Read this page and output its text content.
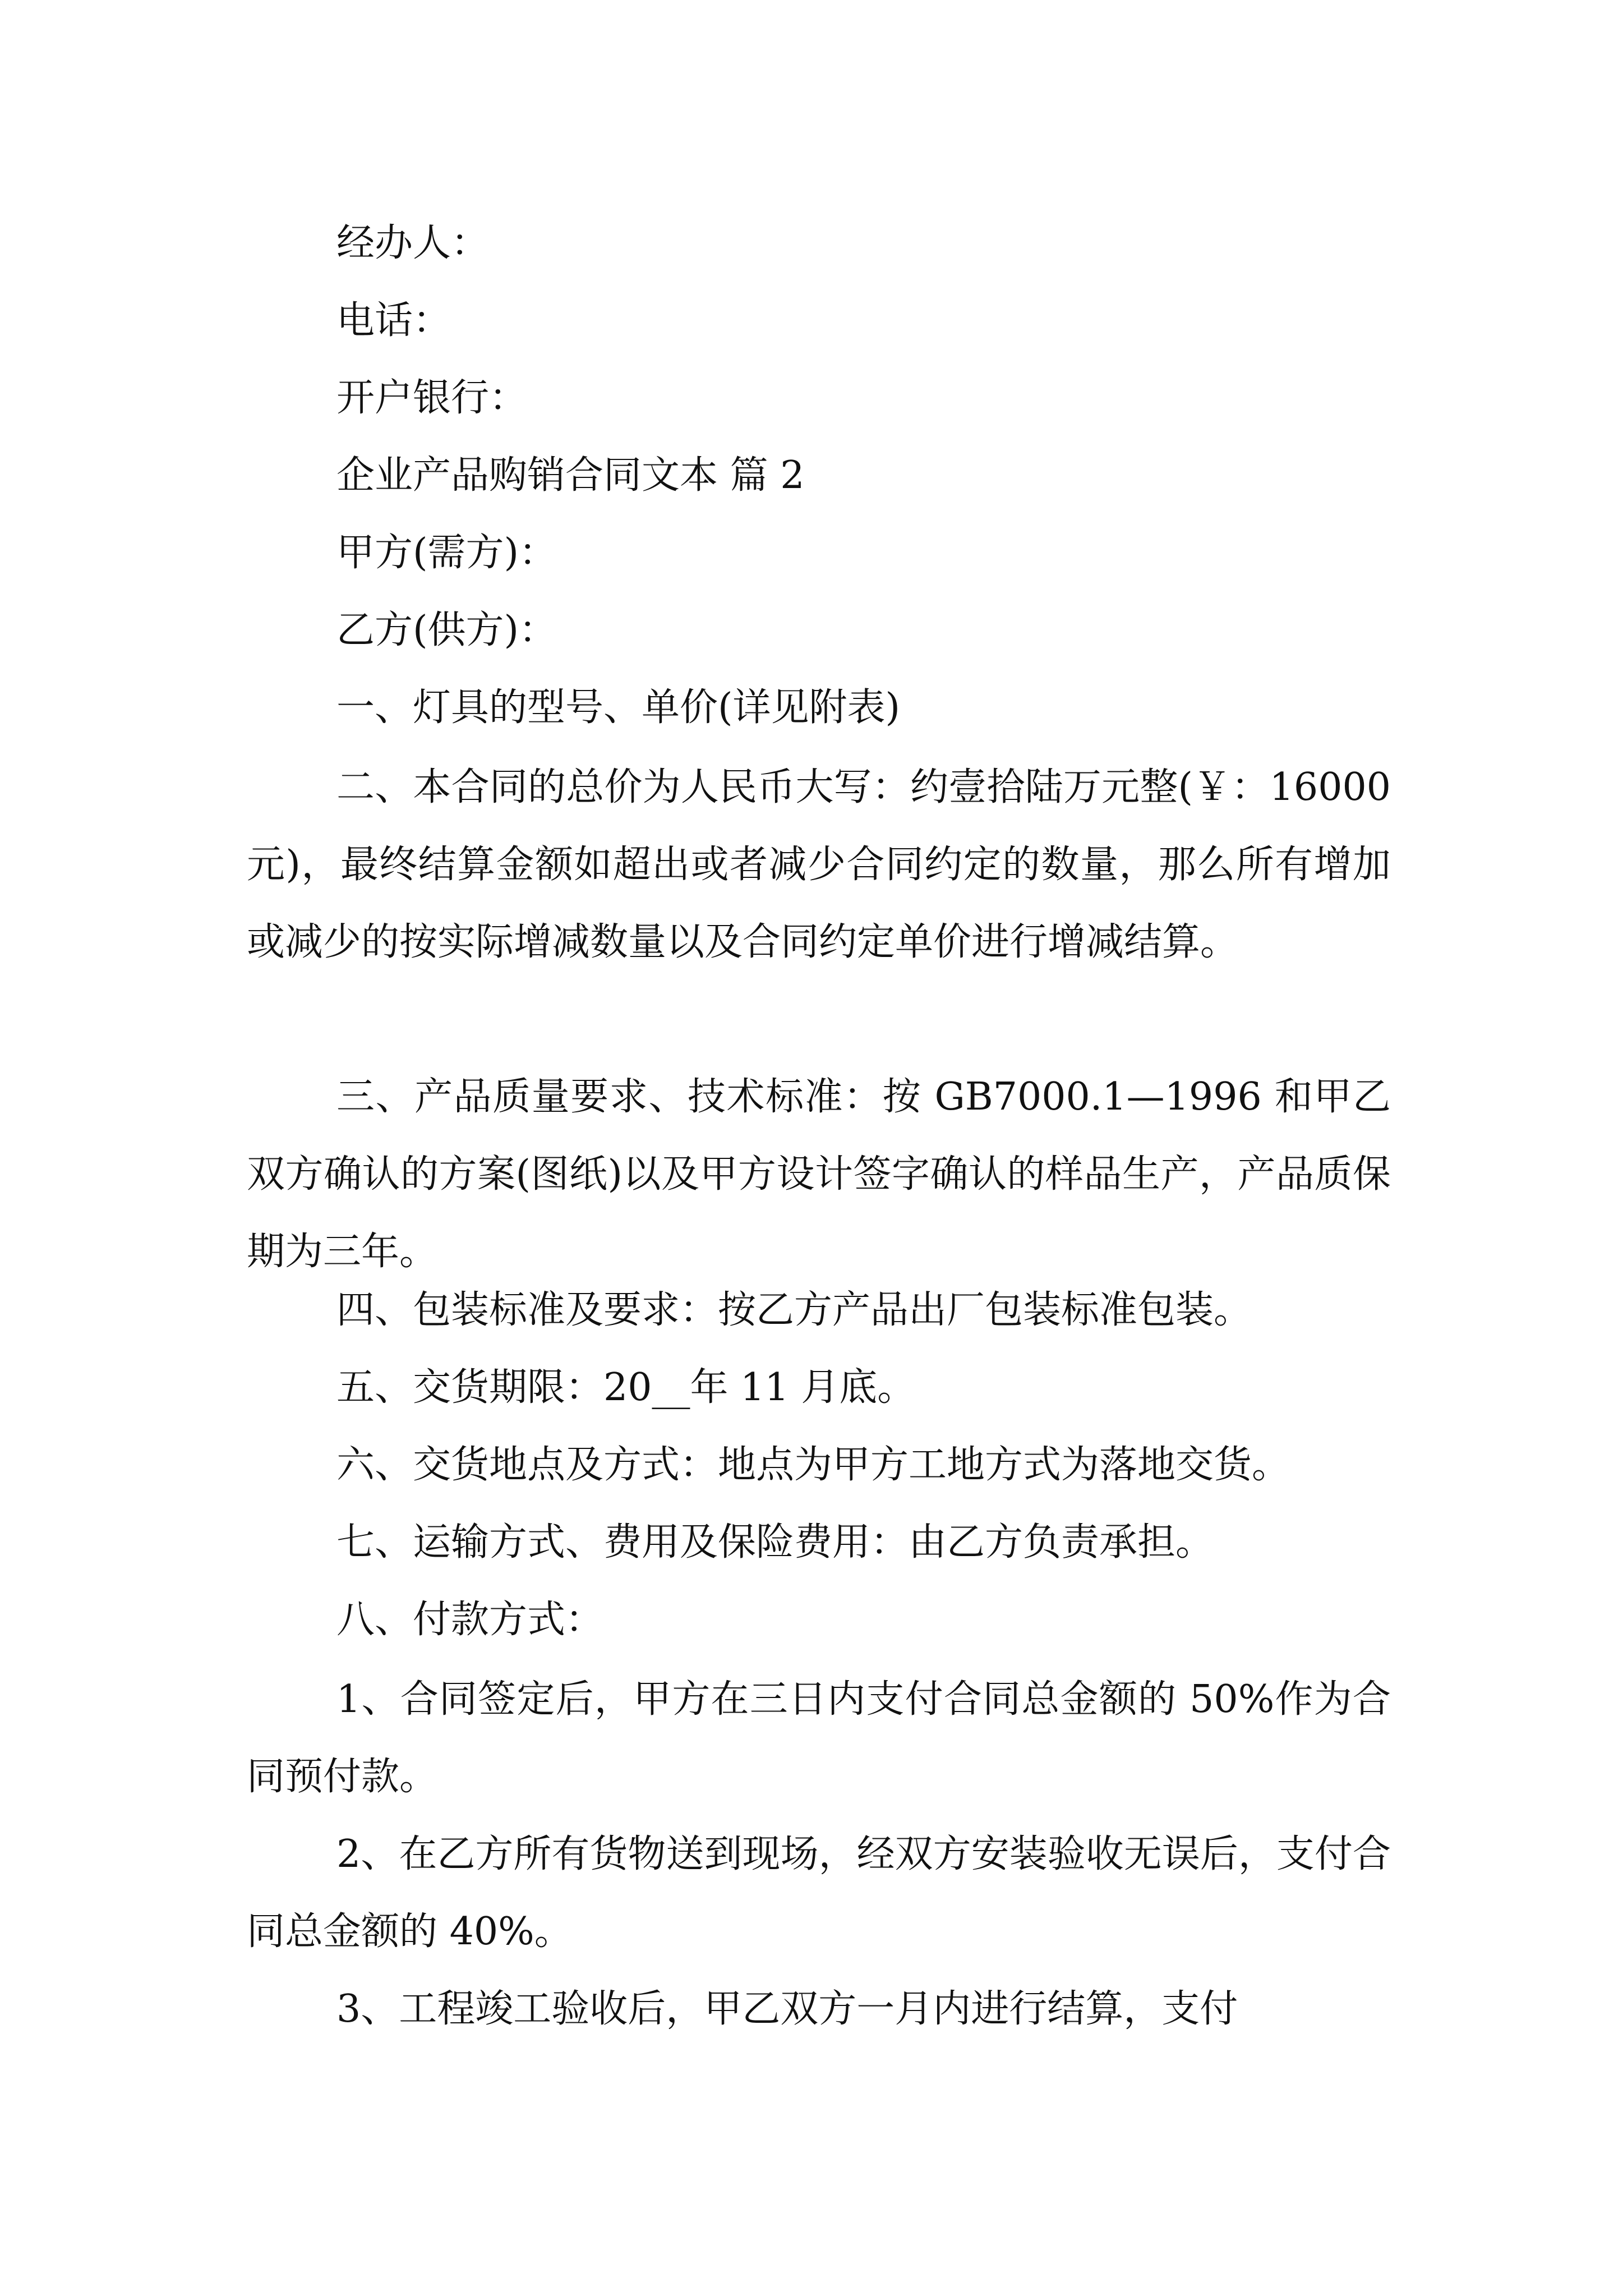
经办人：
电话：
开户银行：
企业产品购销合同文本 篇 2
甲方(需方)：
乙方(供方)：
一、灯具的型号、单价(详见附表)
二、本合同的总价为人民币大写：约壹拾陆万元整(￥：16000 元)，最终结算金额如超出或者减少合同约定的数量，那么所有增加或减少的按实际增减数量以及合同约定单价进行增减结算。
三、产品质量要求、技术标准：按 GB7000.1—1996 和甲乙双方确认的方案(图纸)以及甲方设计签字确认的样品生产，产品质保期为三年。
四、包装标准及要求：按乙方产品出厂包装标准包装。
五、交货期限：20__年 11 月底。
六、交货地点及方式：地点为甲方工地方式为落地交货。
七、运输方式、费用及保险费用：由乙方负责承担。
八、付款方式：
1、合同签定后，甲方在三日内支付合同总金额的 50%作为合同预付款。
2、在乙方所有货物送到现场，经双方安装验收无误后，支付合同总金额的 40%。
3、工程竣工验收后，甲乙双方一月内进行结算，支付
